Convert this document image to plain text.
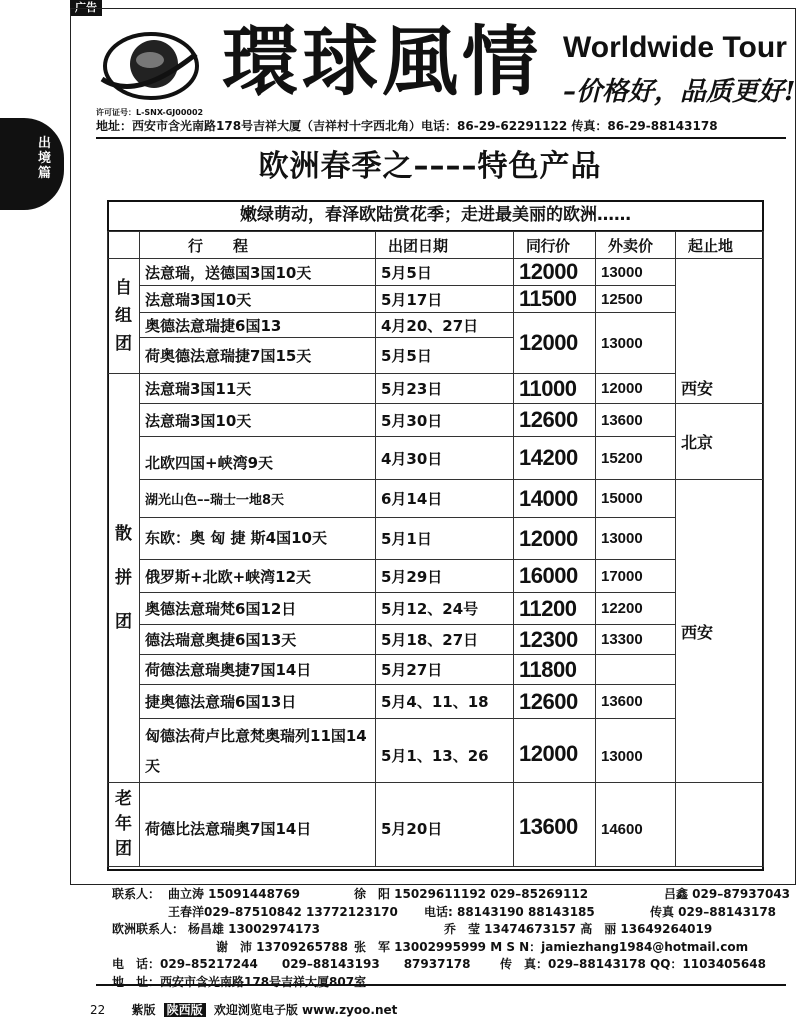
广告
出
境
篇
環球風情 Worldwide Tour
–价格好，品质更好!
许可证号：L-SNX-GJ00002
地址：西安市含光南路178号吉祥大厦（吉祥村十字西北角）电话：86-29-62291122 传真：86-29-88143178
欧洲春季之––––特色产品
嫩绿萌动，春泽欧陆赏花季；走进最美丽的欧洲……
	行　　程	出团日期	同行价	外卖价	起止地

自
组
团	法意瑞，送德国3国10天	5月5日	12000	13000	西安
	法意瑞3国10天	5月17日	11500	12500	
	奥德法意瑞捷6国13	4月20、27日	12000	13000	
	荷奥德法意瑞捷7国15天	5月5日			

散
拼
团	法意瑞3国11天	5月23日	11000	12000	
	法意瑞3国10天	5月30日	12600	13600	北京
	北欧四国+峡湾9天	4月30日	14200	15200	
	湖光山色––瑞士一地8天	6月14日	14000	15000	西安
	东欧：奥 匈 捷 斯4国10天	5月1日	12000	13000	
	俄罗斯+北欧+峡湾12天	5月29日	16000	17000	
	奥德法意瑞梵6国12日	5月12、24号	11200	12200	
	德法瑞意奥捷6国13天	5月18、27日	12300	13300	
	荷德法意瑞奥捷7国14日	5月27日	11800		
	捷奥德法意瑞6国13日	5月4、11、18	12600	13600	
	匈德法荷卢比意梵奥瑞列11国14天	5月1、13、26	12000	13000	

老
年
团	荷德比法意瑞奥7国14日	5月20日	13600	14600	
联系人： 曲立涛 15091448769	徐　阳 15029611192 029–85269112	吕鑫 029–87937043
王春洋029–87510842 13772123170 电话: 88143190 88143185	传真 029–88143178
欧洲联系人： 杨昌雄 13002974173	乔　莹 13474673157 高　丽 13649264019
谢　沛 13709265788 张　军 13002995999 M S N：jamiezhang1984@hotmail.com
电　话：029–85217244　　029–88143193　　87937178 传　真：029–88143178 QQ：1103405648
地　址：西安市含光南路178号吉祥大厦807室
22 紫版 陕西版 欢迎浏览电子版 www.zyoo.net
